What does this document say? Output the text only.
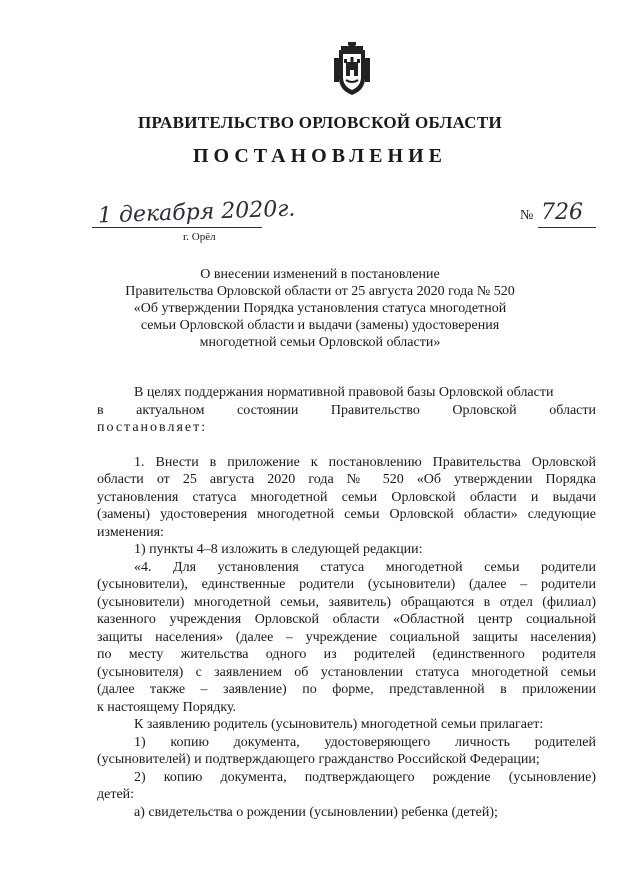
ПРАВИТЕЛЬСТВО ОРЛОВСКОЙ ОБЛАСТИ
ПОСТАНОВЛЕНИЕ
1 декабря 2020г.
г. Орёл
№ 726
О внесении изменений в постановление
Правительства Орловской области от 25 августа 2020 года № 520
«Об утверждении Порядка установления статуса многодетной
семьи Орловской области и выдачи (замены) удостоверения
многодетной семьи Орловской области»
В целях поддержания нормативной правовой базы Орловской области
в актуальном состоянии Правительство Орловской области
постановляет:
1. Внести в приложение к постановлению Правительства Орловской
области от 25 августа 2020 года № 520 «Об утверждении Порядка
установления статуса многодетной семьи Орловской области и выдачи
(замены) удостоверения многодетной семьи Орловской области» следующие
изменения:
1) пункты 4–8 изложить в следующей редакции:
«4. Для установления статуса многодетной семьи родители
(усыновители), единственные родители (усыновители) (далее – родители
(усыновители) многодетной семьи, заявитель) обращаются в отдел (филиал)
казенного учреждения Орловской области «Областной центр социальной
защиты населения» (далее – учреждение социальной защиты населения)
по месту жительства одного из родителей (единственного родителя
(усыновителя) с заявлением об установлении статуса многодетной семьи
(далее также – заявление) по форме, представленной в приложении
к настоящему Порядку.
К заявлению родитель (усыновитель) многодетной семьи прилагает:
1) копию документа, удостоверяющего личность родителей
(усыновителей) и подтверждающего гражданство Российской Федерации;
2) копию документа, подтверждающего рождение (усыновление)
детей:
а) свидетельства о рождении (усыновлении) ребенка (детей);
